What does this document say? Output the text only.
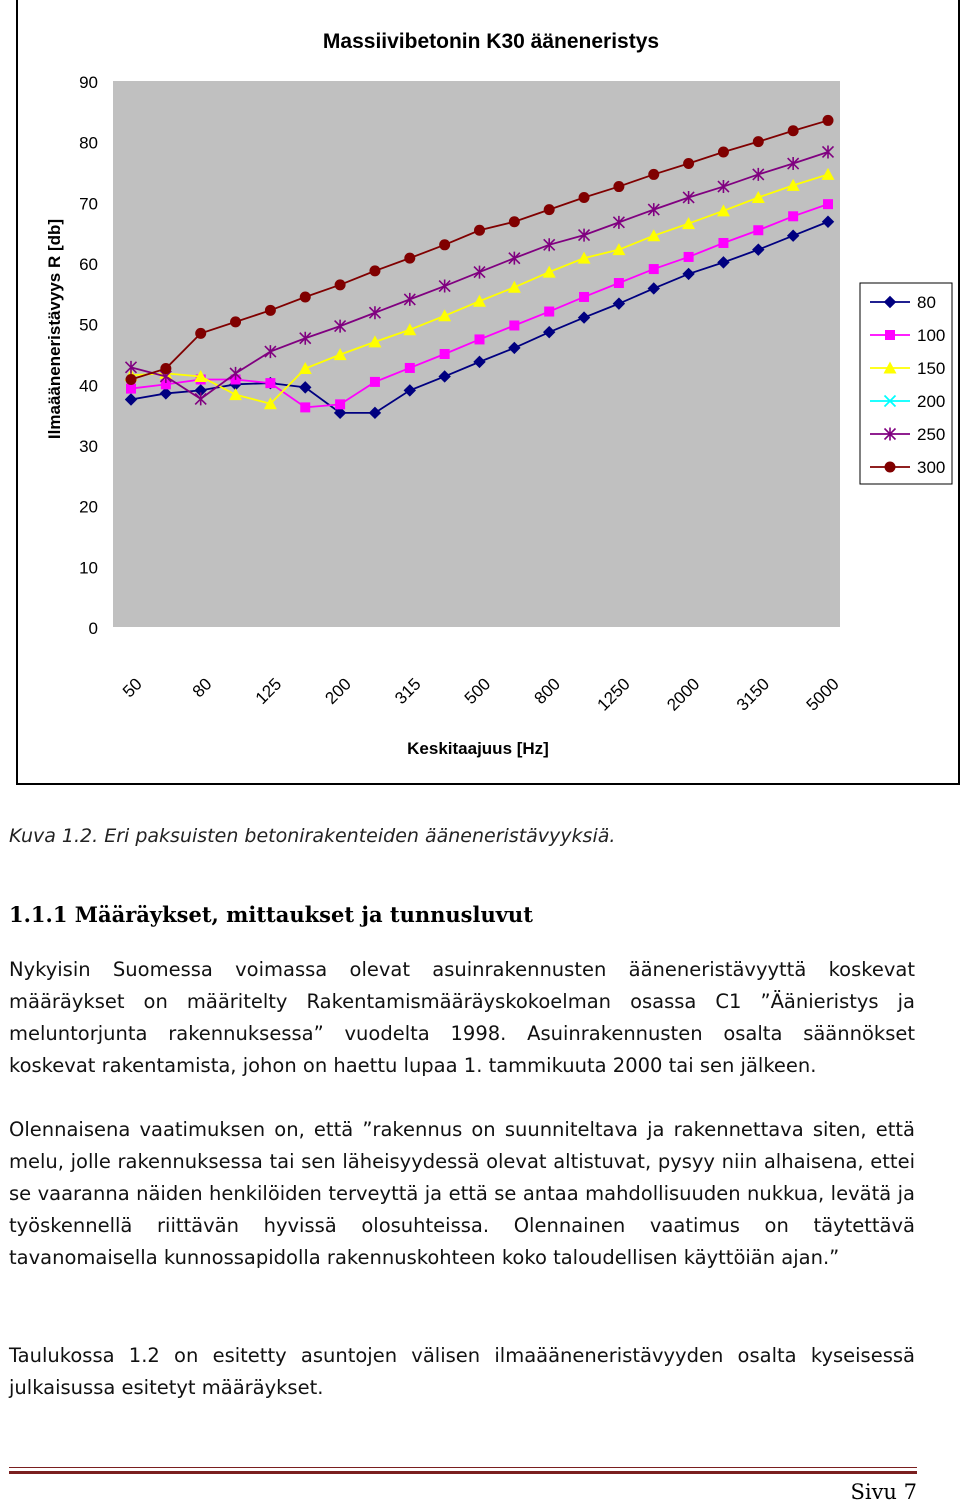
Massiivibetonin K30 ääneneristys
0
10
20
30
40
50
60
70
80
90
Ilmaääneneristävyys R [db]
50	80 125 200 315 500 800 1250 2000 3150 5000
Keskitaajuus [Hz]
80
100
150
200
250
300
Kuva 1.2. Eri paksuisten betonirakenteiden ääneneristävyyksiä.
1.1.1 Määräykset, mittaukset ja tunnusluvut
Nykyisin Suomessa voimassa olevat asuinrakennusten ääneneristävyyttä koskevat määräykset on määritelty Rakentamismääräyskokoelman osassa C1 ”Äänieristys ja meluntorjunta rakennuksessa” vuodelta 1998. Asuinrakennusten osalta säännökset koskevat rakentamista, johon on haettu lupaa 1. tammikuuta 2000 tai sen jälkeen.
Olennaisena vaatimuksen on, että ”rakennus on suunniteltava ja rakennettava siten, että melu, jolle rakennuksessa tai sen läheisyydessä olevat altistuvat, pysyy niin alhaisena, ettei se vaaranna näiden henkilöiden terveyttä ja että se antaa mahdollisuuden nukkua, levätä ja työskennellä riittävän hyvissä olosuhteissa. Olennainen vaatimus on täytettävä tavanomaisella kunnossapidolla rakennuskohteen koko taloudellisen käyttöiän ajan.”
Taulukossa 1.2 on esitetty asuntojen välisen ilmaääneneristävyyden osalta kyseisessä julkaisussa esitetyt määräykset.
Sivu 7
